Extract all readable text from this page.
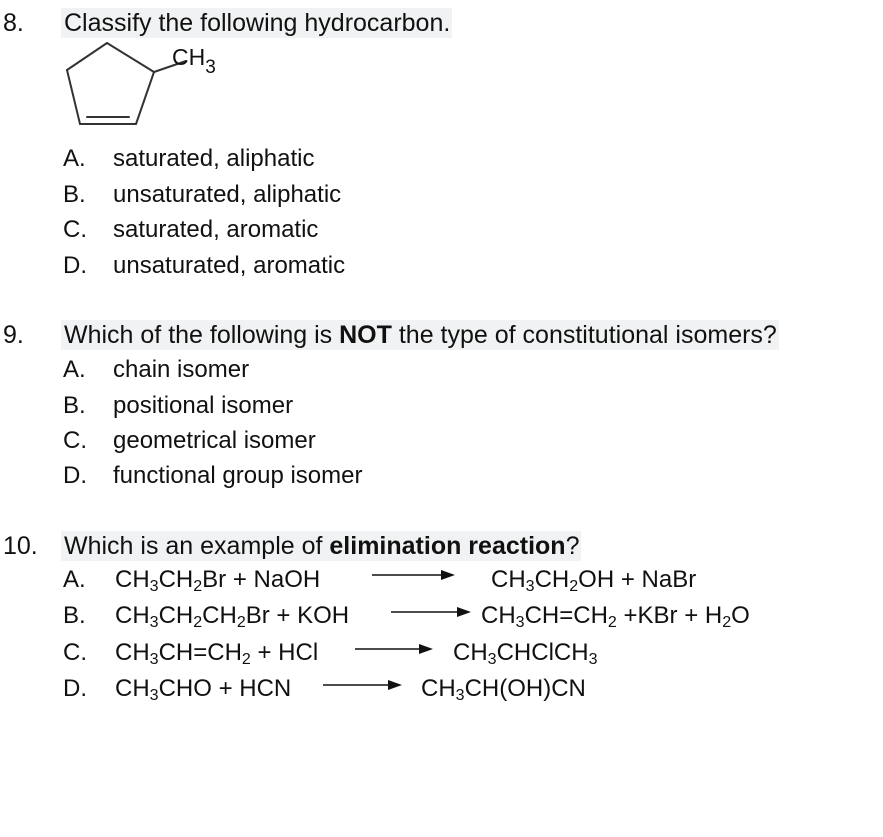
8. Classify the following hydrocarbon.
$CH_3$
A. saturated, aliphatic
B. unsaturated, aliphatic
C. saturated, aromatic
D. unsaturated, aromatic
9. Which of the following is NOT the type of constitutional isomers?
A. chain isomer
B. positional isomer
C. geometrical isomer
D. functional group isomer
10. Which is an example of elimination reaction?
A.	$CH_3CH_2Br$ + NaOH	$CH_3CH_2OH$ + NaBr
B.	$CH_3CH_2CH_2Br$ + KOH	$CH_3CH=CH_2 +KBr + H_2O$
C.	$CH_3CH=CH_2$ + HCl	$CH_3CHClCH_3$
D.	$CH_3CHO$ + HCN	$CH_3CH(OH)CN$
